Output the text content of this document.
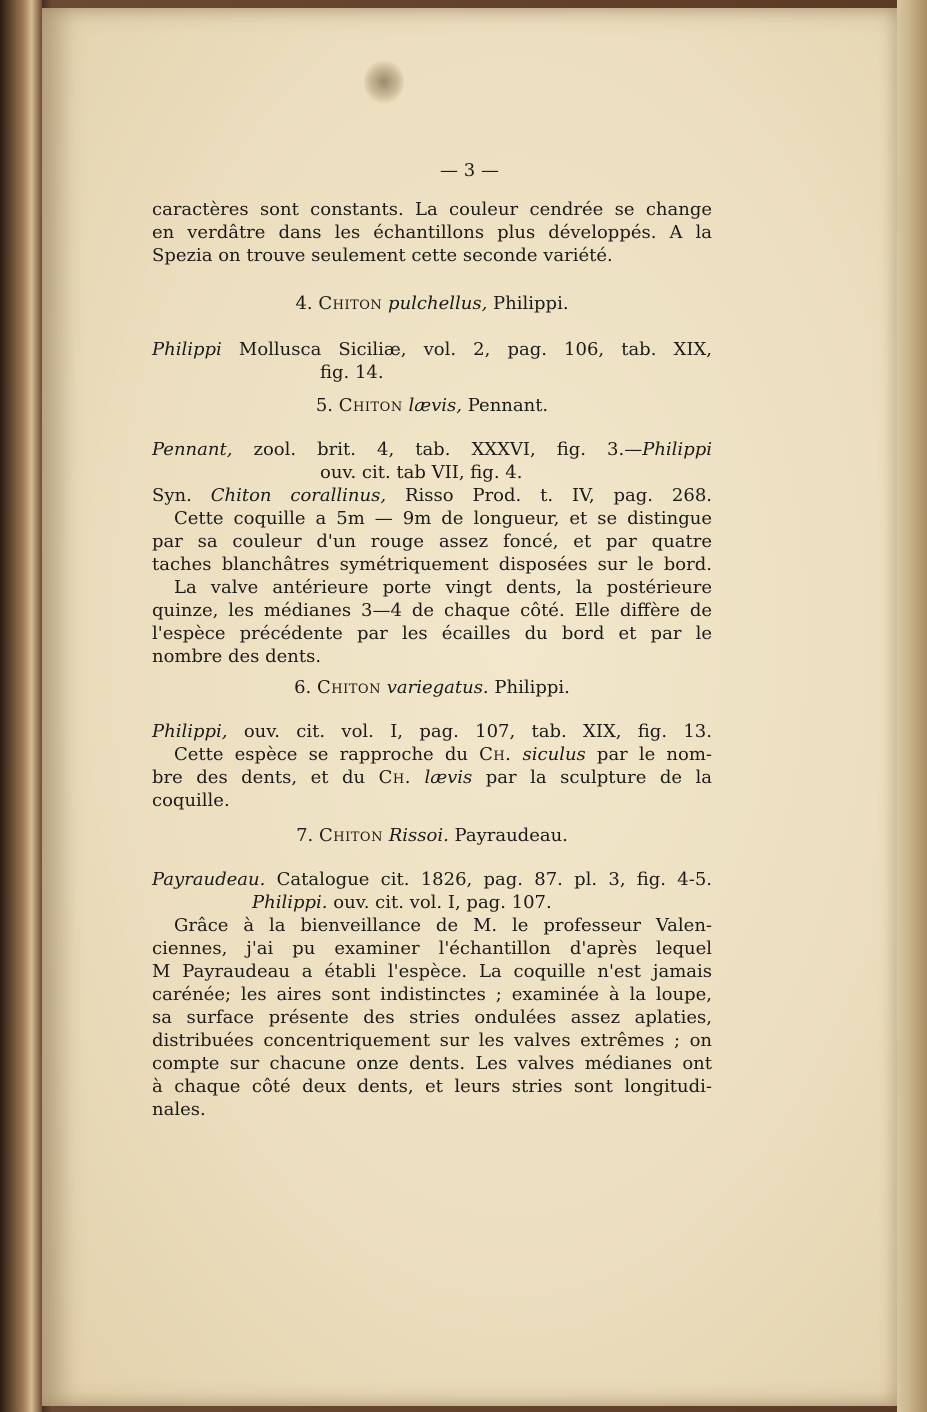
— 3 —
caractères sont constants. La couleur cendrée se change
en verdâtre dans les échantillons plus développés. A la
Spezia on trouve seulement cette seconde variété.
4. Chiton pulchellus, Philippi.
Philippi Mollusca Siciliæ, vol. 2, pag. 106, tab. XIX,
fig. 14.
5. Chiton lævis, Pennant.
Pennant, zool. brit. 4, tab. XXXVI, fig. 3.—Philippi
ouv. cit. tab VII, fig. 4.
Syn. Chiton corallinus, Risso Prod. t. IV, pag. 268.
Cette coquille a 5m — 9m de longueur, et se distingue
par sa couleur d'un rouge assez foncé, et par quatre
taches blanchâtres symétriquement disposées sur le bord.
La valve antérieure porte vingt dents, la postérieure
quinze, les médianes 3—4 de chaque côté. Elle diffère de
l'espèce précédente par les écailles du bord et par le
nombre des dents.
6. Chiton variegatus. Philippi.
Philippi, ouv. cit. vol. I, pag. 107, tab. XIX, fig. 13.
Cette espèce se rapproche du Ch. siculus par le nom-
bre des dents, et du Ch. lævis par la sculpture de la
coquille.
7. Chiton Rissoi. Payraudeau.
Payraudeau. Catalogue cit. 1826, pag. 87. pl. 3, fig. 4-5.
Philippi. ouv. cit. vol. I, pag. 107.
Grâce à la bienveillance de M. le professeur Valen-
ciennes, j'ai pu examiner l'échantillon d'après lequel
M Payraudeau a établi l'espèce. La coquille n'est jamais
carénée; les aires sont indistinctes ; examinée à la loupe,
sa surface présente des stries ondulées assez aplaties,
distribuées concentriquement sur les valves extrêmes ; on
compte sur chacune onze dents. Les valves médianes ont
à chaque côté deux dents, et leurs stries sont longitudi-
nales.
